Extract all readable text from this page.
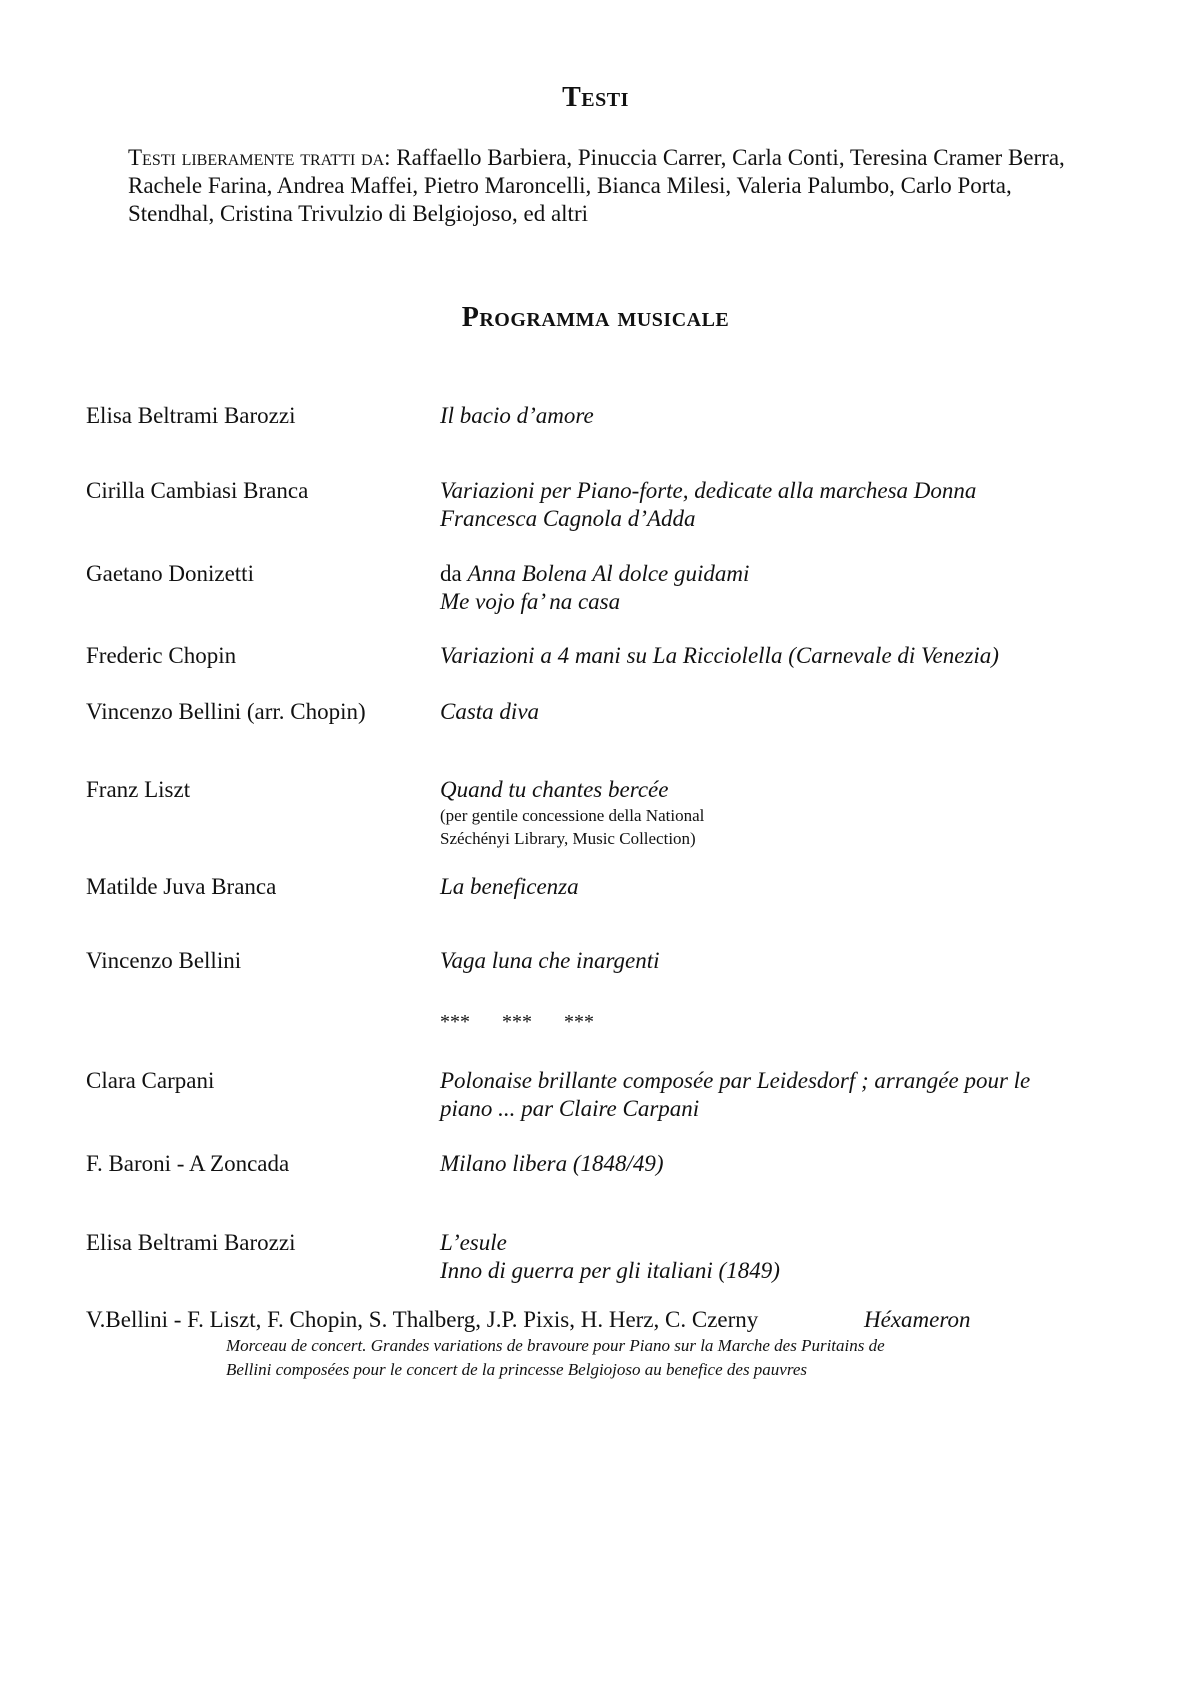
Testi
Testi liberamente tratti da: Raffaello Barbiera, Pinuccia Carrer, Carla Conti, Teresina Cramer Berra, Rachele Farina, Andrea Maffei, Pietro Maroncelli, Bianca Milesi, Valeria Palumbo, Carlo Porta, Stendhal, Cristina Trivulzio di Belgiojoso, ed altri
Programma musicale
Elisa Beltrami Barozzi	Il bacio d’amore
Cirilla Cambiasi Branca	Variazioni per Piano-forte, dedicate alla marchesa Donna
Francesca Cagnola d’Adda
Gaetano Donizetti	da Anna Bolena Al dolce guidami
Me vojo fa’ na casa
Frederic Chopin	Variazioni a 4 mani su La Ricciolella (Carnevale di Venezia)
Vincenzo Bellini (arr. Chopin)	Casta diva
Franz Liszt	Quand tu chantes bercée
(per gentile concessione della National
Széchényi Library, Music Collection)
Matilde Juva Branca	La beneficenza
Vincenzo Bellini	Vaga luna che inargenti
Clara Carpani	Polonaise brillante composée par Leidesdorf ; arrangée pour le
piano ... par Claire Carpani
F. Baroni - A Zoncada	Milano libera (1848/49)
Elisa Beltrami Barozzi	L’esule
Inno di guerra per gli italiani (1849)
*** *** ***
V.Bellini - F. Liszt, F. Chopin, S. Thalberg, J.P. Pixis, H. Herz, C. Czerny	Héxameron
Morceau de concert. Grandes variations de bravoure pour Piano sur la Marche des Puritains de
Bellini composées pour le concert de la princesse Belgiojoso au benefice des pauvres
